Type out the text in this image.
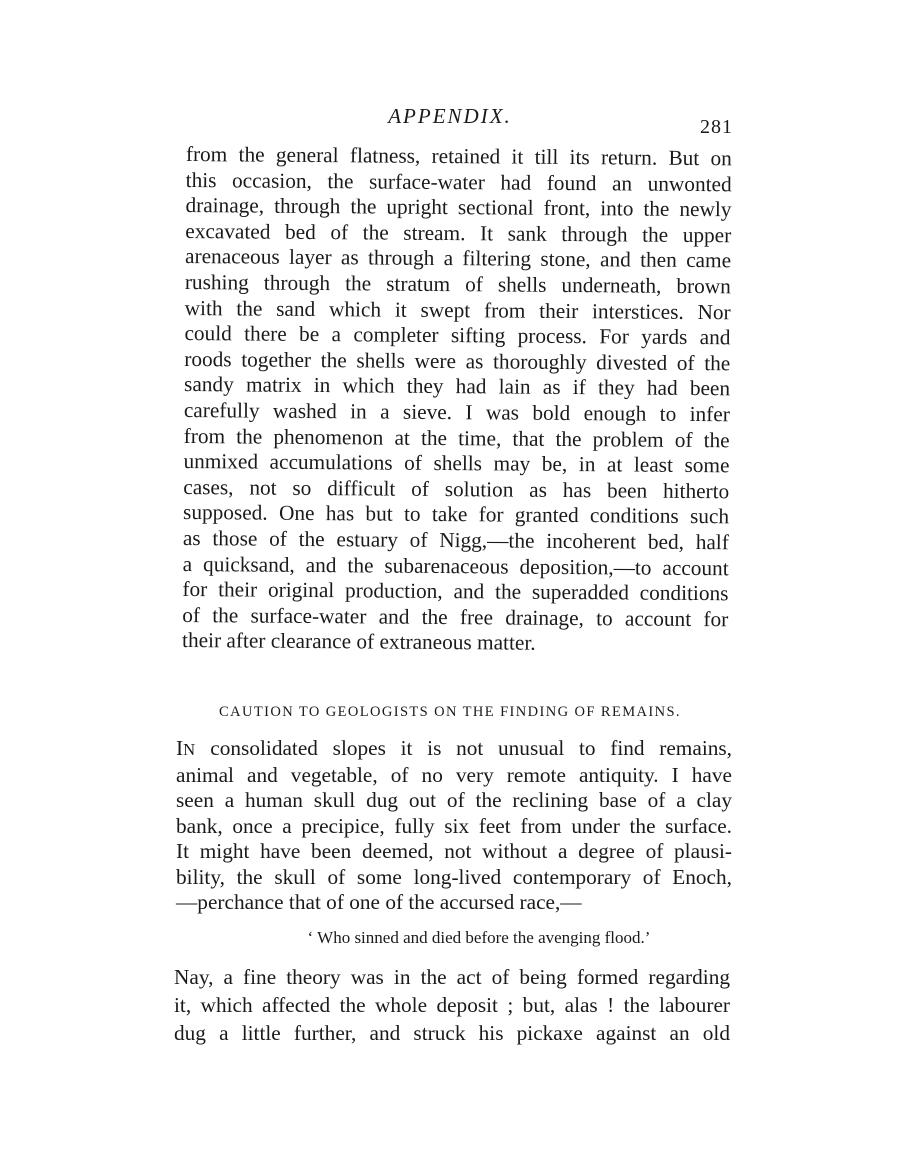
APPENDIX.	281
from the general flatness, retained it till its return. But on
this occasion, the surface-water had found an unwonted
drainage, through the upright sectional front, into the newly
excavated bed of the stream. It sank through the upper
arenaceous layer as through a filtering stone, and then came
rushing through the stratum of shells underneath, brown
with the sand which it swept from their interstices. Nor
could there be a completer sifting process. For yards and
roods together the shells were as thoroughly divested of the
sandy matrix in which they had lain as if they had been
carefully washed in a sieve. I was bold enough to infer
from the phenomenon at the time, that the problem of the
unmixed accumulations of shells may be, in at least some
cases, not so difficult of solution as has been hitherto
supposed. One has but to take for granted conditions such
as those of the estuary of Nigg,—the incoherent bed, half
a quicksand, and the subarenaceous deposition,—to account
for their original production, and the superadded conditions
of the surface-water and the free drainage, to account for
their after clearance of extraneous matter.
CAUTION TO GEOLOGISTS ON THE FINDING OF REMAINS.
IN consolidated slopes it is not unusual to find remains,
animal and vegetable, of no very remote antiquity. I have
seen a human skull dug out of the reclining base of a clay
bank, once a precipice, fully six feet from under the surface.
It might have been deemed, not without a degree of plausi-
bility, the skull of some long-lived contemporary of Enoch,
—perchance that of one of the accursed race,—
‘ Who sinned and died before the avenging flood.’
Nay, a fine theory was in the act of being formed regarding
it, which affected the whole deposit ; but, alas ! the labourer
dug a little further, and struck his pickaxe against an old
